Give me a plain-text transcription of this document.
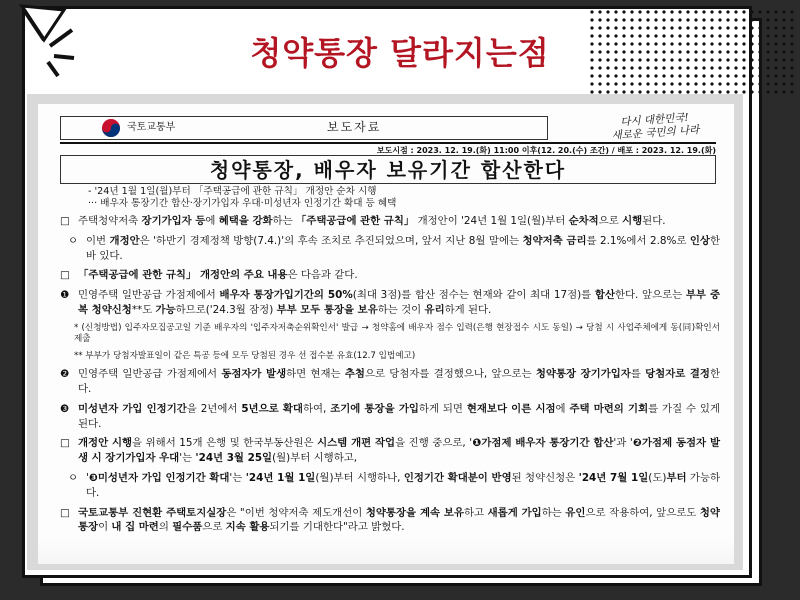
청약통장 달라지는점
국토교통부	보도자료	다시 대한민국!
새로운 국민의 나라
보도시점 : 2023. 12. 19.(화) 11:00 이후(12. 20.(수) 조간) / 배포 : 2023. 12. 19.(화)
청약통장, 배우자 보유기간 합산한다
- '24년 1월 1일(월)부터 「주택공급에 관한 규칙」 개정안 순차 시행
··· 배우자 통장기간 합산·장기가입자 우대·미성년자 인정기간 확대 등 혜택
□ 주택청약저축 장기가입자 등에 혜택을 강화하는 「주택공급에 관한 규칙」 개정안이 '24년 1월 1일(월)부터 순차적으로 시행된다.
ㅇ 이번 개정안은 '하반기 경제정책 방향(7.4.)'의 후속 조치로 추진되었으며, 앞서 지난 8월 말에는 청약저축 금리를 2.1%에서 2.8%로 인상한 바 있다.
□ 「주택공급에 관한 규칙」 개정안의 주요 내용은 다음과 같다.
❶ 민영주택 일반공급 가점제에서 배우자 통장가입기간의 50%(최대 3점)를 합산 점수는 현재와 같이 최대 17점)를 합산한다. 앞으로는 부부 중복 청약신청**도 가능하므로('24.3월 잠정) 부부 모두 통장을 보유하는 것이 유리하게 된다.
* (신청방법) 입주자모집공고일 기준 배우자의 '입주자저축순위확인서' 발급 → 청약홈에 배우자 점수 입력(은행 현장접수 시도 동일) → 당첨 시 사업주체에게 동(同)확인서 제출
** 부부가 당첨자발표일이 같은 특공 등에 모두 당첨된 경우 선 접수분 유효(12.7 입법예고)
❷ 민영주택 일반공급 가점제에서 동점자가 발생하면 현재는 추첨으로 당첨자를 결정했으나, 앞으로는 청약통장 장기가입자를 당첨자로 결정한다.
❸ 미성년자 가입 인정기간을 2년에서 5년으로 확대하여, 조기에 통장을 가입하게 되면 현재보다 이른 시점에 주택 마련의 기회를 가질 수 있게 된다.
□ 개정안 시행을 위해서 15개 은행 및 한국부동산원은 시스템 개편 작업을 진행 중으로, '❶가점제 배우자 통장기간 합산'과 '❷가점제 동점자 발생 시 장기가입자 우대'는 '24년 3월 25일(월)부터 시행하고,
ㅇ '❸미성년자 가입 인정기간 확대'는 '24년 1월 1일(월)부터 시행하나, 인정기간 확대분이 반영된 청약신청은 '24년 7월 1일(도)부터 가능하다.
□ 국토교통부 진현환 주택토지실장은 "이번 청약저축 제도개선이 청약통장을 계속 보유하고 새롭게 가입하는 유인으로 작용하여, 앞으로도 청약통장이 내 집 마련의 필수품으로 지속 활용되기를 기대한다"라고 밝혔다.
